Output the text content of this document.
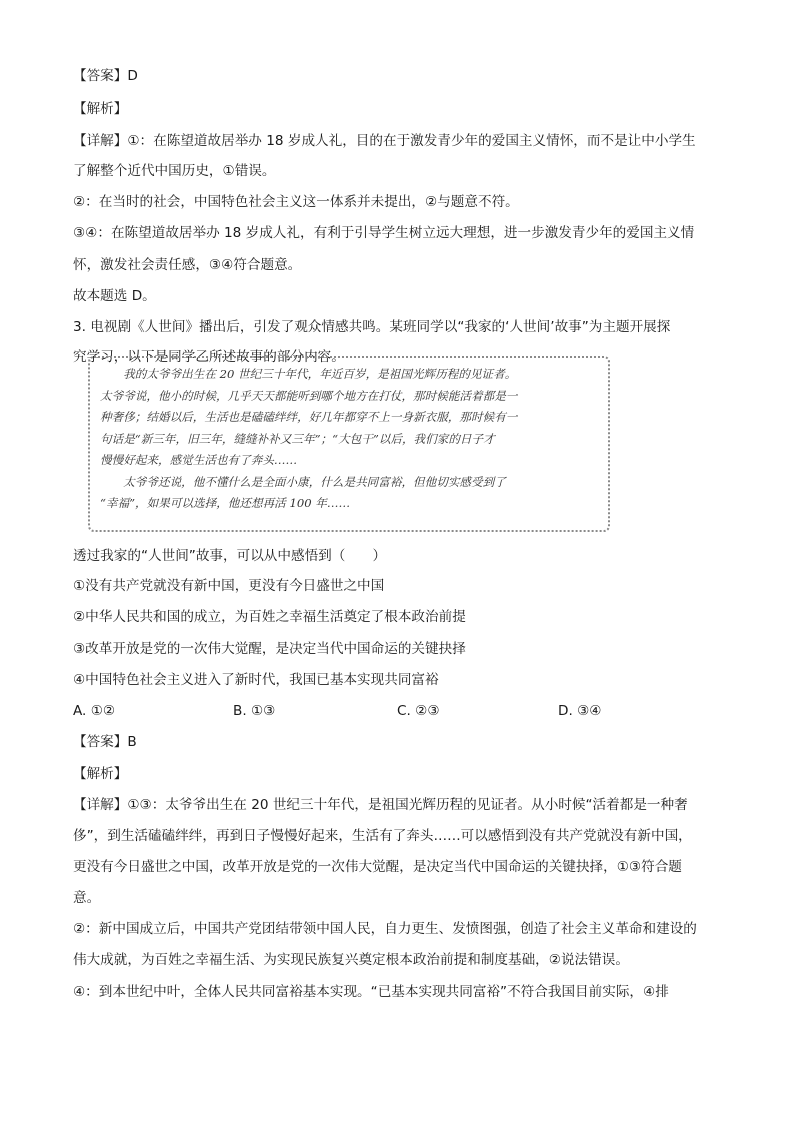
【答案】D
【解析】
【详解】①：在陈望道故居举办 18 岁成人礼，目的在于激发青少年的爱国主义情怀，而不是让中小学生
了解整个近代中国历史，①错误。
②：在当时的社会，中国特色社会主义这一体系并未提出，②与题意不符。
③④：在陈望道故居举办 18 岁成人礼，有利于引导学生树立远大理想，进一步激发青少年的爱国主义情
怀，激发社会责任感，③④符合题意。
故本题选 D。
3. 电视剧《人世间》播出后，引发了观众情感共鸣。某班同学以“我家的‘人世间’故事”为主题开展探
究学习，以下是同学乙所述故事的部分内容。

　　我的太爷爷出生在 20 世纪三十年代，年近百岁，是祖国光辉历程的见证者。

太爷爷说，他小的时候，几乎天天都能听到哪个地方在打仗，那时候能活着都是一

种奢侈；结婚以后，生活也是磕磕绊绊，好几年都穿不上一身新衣服，那时候有一

句话是“新三年，旧三年，缝缝补补又三年”；“大包干”以后，我们家的日子才

慢慢好起来，感觉生活也有了奔头……

　　太爷爷还说，他不懂什么是全面小康，什么是共同富裕，但他切实感受到了

“幸福”，如果可以选择，他还想再活 100 年……

透过我家的“人世间”故事，可以从中感悟到（　　）
①没有共产党就没有新中国，更没有今日盛世之中国
②中华人民共和国的成立，为百姓之幸福生活奠定了根本政治前提
③改革开放是党的一次伟大觉醒，是决定当代中国命运的关键抉择
④中国特色社会主义进入了新时代，我国已基本实现共同富裕
A. ①②	B. ①③	C. ②③	D. ③④
【答案】B
【解析】
【详解】①③：太爷爷出生在 20 世纪三十年代，是祖国光辉历程的见证者。从小时候“活着都是一种奢
侈”，到生活磕磕绊绊，再到日子慢慢好起来，生活有了奔头……可以感悟到没有共产党就没有新中国，
更没有今日盛世之中国，改革开放是党的一次伟大觉醒，是决定当代中国命运的关键抉择，①③符合题
意。
②：新中国成立后，中国共产党团结带领中国人民，自力更生、发愤图强，创造了社会主义革命和建设的
伟大成就，为百姓之幸福生活、为实现民族复兴奠定根本政治前提和制度基础，②说法错误。
④：到本世纪中叶，全体人民共同富裕基本实现。“已基本实现共同富裕”不符合我国目前实际，④排
